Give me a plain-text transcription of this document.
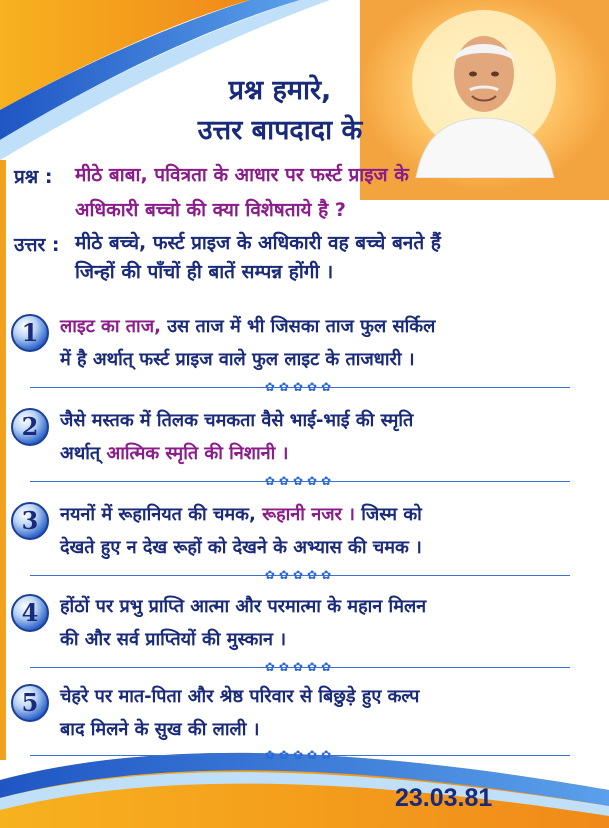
प्रश्न हमारे,
उत्तर बापदादा के
प्रश्न : मीठे बाबा, पवित्रता के आधार पर फर्स्ट प्राइज के
अधिकारी बच्चो की क्या विशेषताये है ?
उत्तर : मीठे बच्चे, फर्स्ट प्राइज के अधिकारी वह बच्चे बनते हैं
जिन्हों की पाँचों ही बातें सम्पन्न होंगी ।
1	लाइट का ताज, उस ताज में भी जिसका ताज फुल सर्किल
में है अर्थात् फर्स्ट प्राइज वाले फुल लाइट के ताजधारी ।
✿✿✿✿✿
2	जैसे मस्तक में तिलक चमकता वैसे भाई-भाई की स्मृति
अर्थात् आत्मिक स्मृति की निशानी ।
✿✿✿✿✿
3	नयनों में रूहानियत की चमक, रूहानी नजर । जिस्म को
देखते हुए न देख रूहों को देखने के अभ्यास की चमक ।
✿✿✿✿✿
4	होंठों पर प्रभु प्राप्ति आत्मा और परमात्मा के महान मिलन
की और सर्व प्राप्तियों की मुस्कान ।
✿✿✿✿✿
5	चेहरे पर मात-पिता और श्रेष्ठ परिवार से बिछुड़े हुए कल्प
बाद मिलने के सुख की लाली ।
✿✿✿✿✿
23.03.81
